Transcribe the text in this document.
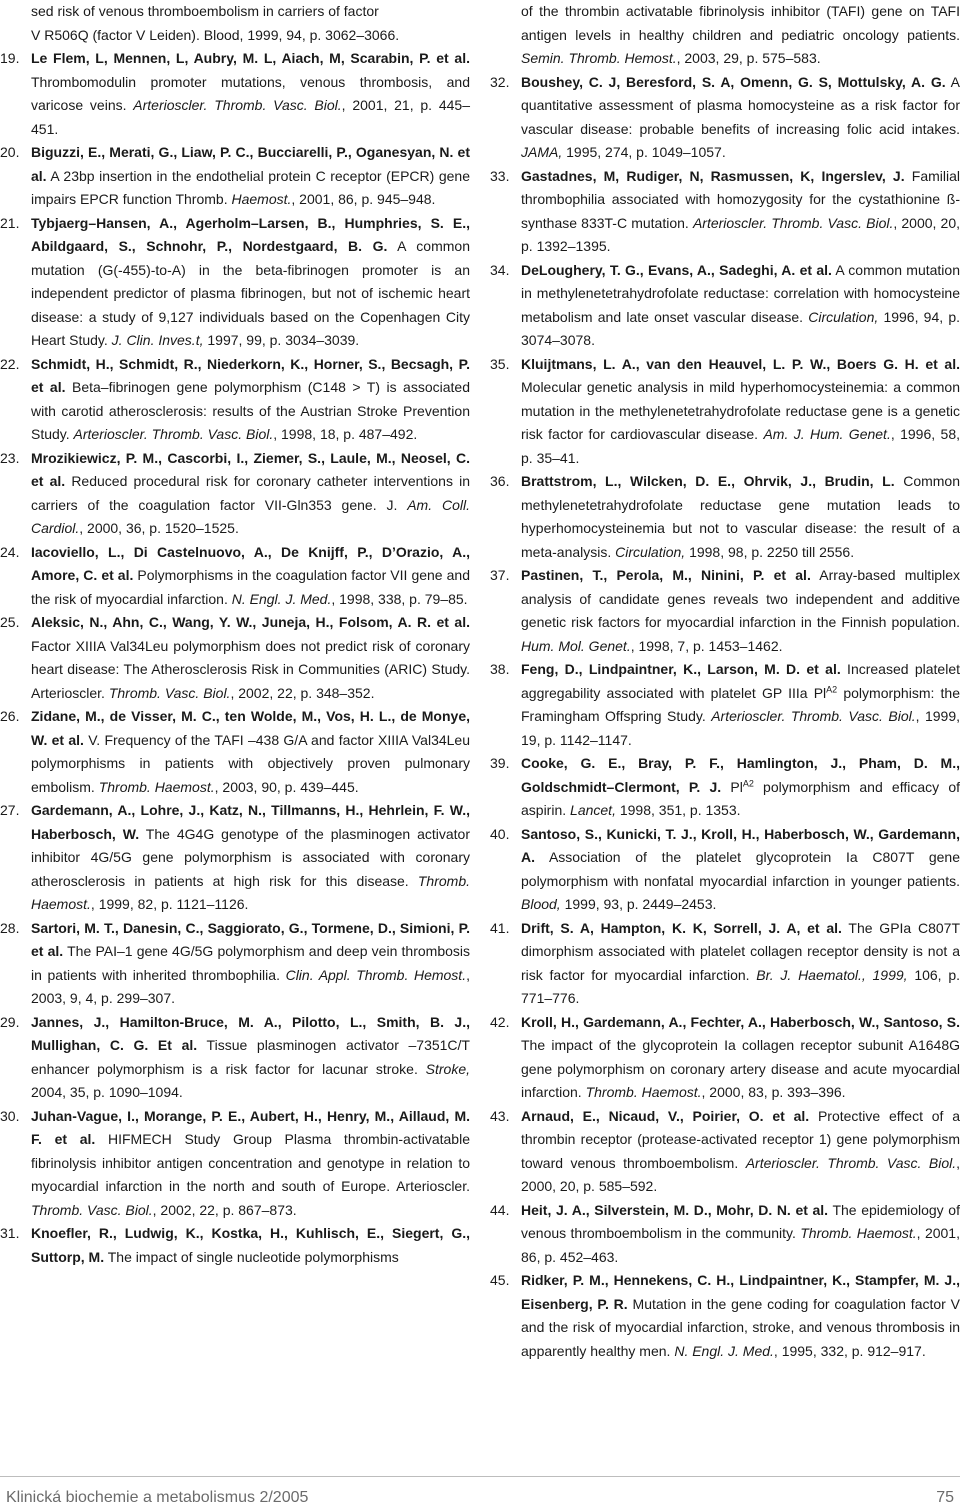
sed risk of venous thromboembolism in carriers of factor
V R506Q (factor V Leiden). Blood, 1999, 94, p. 3062–3066.
19. Le Flem, L, Mennen, L, Aubry, M. L, Aiach, M, Scarabin, P. et al. Thrombomodulin promoter mutations, venous thrombosis, and varicose veins. Arterioscler. Thromb. Vasc. Biol., 2001, 21, p. 445–451.
20. Biguzzi, E., Merati, G., Liaw, P. C., Bucciarelli, P., Oganesyan, N. et al. A 23bp insertion in the endothelial protein C receptor (EPCR) gene impairs EPCR function Thromb. Haemost., 2001, 86, p. 945–948.
21. Tybjaerg–Hansen, A., Agerholm–Larsen, B., Humphries, S. E., Abildgaard, S., Schnohr, P., Nordestgaard, B. G. A common mutation (G(-455)-to-A) in the beta-fibrinogen promoter is an independent predictor of plasma fibrinogen, but not of ischemic heart disease: a study of 9,127 individuals based on the Copenhagen City Heart Study. J. Clin. Inves.t, 1997, 99, p. 3034–3039.
22. Schmidt, H., Schmidt, R., Niederkorn, K., Horner, S., Becsagh, P. et al. Beta–fibrinogen gene polymorphism (C148 > T) is associated with carotid atherosclerosis: results of the Austrian Stroke Prevention Study. Arterioscler. Thromb. Vasc. Biol., 1998, 18, p. 487–492.
23. Mrozikiewicz, P. M., Cascorbi, I., Ziemer, S., Laule, M., Neosel, C. et al. Reduced procedural risk for coronary catheter interventions in carriers of the coagulation factor VII-Gln353 gene. J. Am. Coll. Cardiol., 2000, 36, p. 1520–1525.
24. Iacoviello, L., Di Castelnuovo, A., De Knijff, P., D’Orazio, A., Amore, C. et al. Polymorphisms in the coagulation factor VII gene and the risk of myocardial infarction. N. Engl. J. Med., 1998, 338, p. 79–85.
25. Aleksic, N., Ahn, C., Wang, Y. W., Juneja, H., Folsom, A. R. et al. Factor XIIIA Val34Leu polymorphism does not predict risk of coronary heart disease: The Atherosclerosis Risk in Communities (ARIC) Study. Arterioscler. Thromb. Vasc. Biol., 2002, 22, p. 348–352.
26. Zidane, M., de Visser, M. C., ten Wolde, M., Vos, H. L., de Monye, W. et al. V. Frequency of the TAFI –438 G/A and factor XIIIA Val34Leu polymorphisms in patients with objectively proven pulmonary embolism. Thromb. Haemost., 2003, 90, p. 439–445.
27. Gardemann, A., Lohre, J., Katz, N., Tillmanns, H., Hehrlein, F. W., Haberbosch, W. The 4G4G genotype of the plasminogen activator inhibitor 4G/5G gene polymorphism is associated with coronary atherosclerosis in patients at high risk for this disease. Thromb. Haemost., 1999, 82, p. 1121–1126.
28. Sartori, M. T., Danesin, C., Saggiorato, G., Tormene, D., Simioni, P. et al. The PAI–1 gene 4G/5G polymorphism and deep vein thrombosis in patients with inherited thrombophilia. Clin. Appl. Thromb. Hemost., 2003, 9, 4, p. 299–307.
29. Jannes, J., Hamilton-Bruce, M. A., Pilotto, L., Smith, B. J., Mullighan, C. G. Et al. Tissue plasminogen activator –7351C/T enhancer polymorphism is a risk factor for lacunar stroke. Stroke, 2004, 35, p. 1090–1094.
30. Juhan-Vague, I., Morange, P. E., Aubert, H., Henry, M., Aillaud, M. F. et al. HIFMECH Study Group Plasma thrombin-activatable fibrinolysis inhibitor antigen concentration and genotype in relation to myocardial infarction in the north and south of Europe. Arterioscler. Thromb. Vasc. Biol., 2002, 22, p. 867–873.
31. Knoefler, R., Ludwig, K., Kostka, H., Kuhlisch, E., Siegert, G., Suttorp, M. The impact of single nucleotide polymorphisms
of the thrombin activatable fibrinolysis inhibitor (TAFI) gene on TAFI antigen levels in healthy children and pediatric oncology patients. Semin. Thromb. Hemost., 2003, 29, p. 575–583.
32. Boushey, C. J, Beresford, S. A, Omenn, G. S, Mottulsky, A. G. A quantitative assessment of plasma homocysteine as a risk factor for vascular disease: probable benefits of increasing folic acid intakes. JAMA, 1995, 274, p. 1049–1057.
33. Gastadnes, M, Rudiger, N, Rasmussen, K, Ingerslev, J. Familial thrombophilia associated with homozygosity for the cystathionine ß-synthase 833T-C mutation. Arterioscler. Thromb. Vasc. Biol., 2000, 20, p. 1392–1395.
34. DeLoughery, T. G., Evans, A., Sadeghi, A. et al. A common mutation in methylenetetrahydrofolate reductase: correlation with homocysteine metabolism and late onset vascular disease. Circulation, 1996, 94, p. 3074–3078.
35. Kluijtmans, L. A., van den Heauvel, L. P. W., Boers G. H. et al. Molecular genetic analysis in mild hyperhomocysteinemia: a common mutation in the methylenetetrahydrofolate reductase gene is a genetic risk factor for cardiovascular disease. Am. J. Hum. Genet., 1996, 58, p. 35–41.
36. Brattstrom, L., Wilcken, D. E., Ohrvik, J., Brudin, L. Common methylenetetrahydrofolate reductase gene mutation leads to hyperhomocysteinemia but not to vascular disease: the result of a meta-analysis. Circulation, 1998, 98, p. 2250 till 2556.
37. Pastinen, T., Perola, M., Ninini, P. et al. Array-based multiplex analysis of candidate genes reveals two independent and additive genetic risk factors for myocardial infarction in the Finnish population. Hum. Mol. Genet., 1998, 7, p. 1453–1462.
38. Feng, D., Lindpaintner, K., Larson, M. D. et al. Increased platelet aggregability associated with platelet GP IIIa $Pl^{A2}$ polymorphism: the Framingham Offspring Study. Arterioscler. Thromb. Vasc. Biol., 1999, 19, p. 1142–1147.
39. Cooke, G. E., Bray, P. F., Hamlington, J., Pham, D. M., Goldschmidt–Clermont, P. J. $Pl^{A2}$ polymorphism and efficacy of aspirin. Lancet, 1998, 351, p. 1353.
40. Santoso, S., Kunicki, T. J., Kroll, H., Haberbosch, W., Gardemann, A. Association of the platelet glycoprotein Ia C807T gene polymorphism with nonfatal myocardial infarction in younger patients. Blood, 1999, 93, p. 2449–2453.
41. Drift, S. A, Hampton, K. K, Sorrell, J. A, et al. The GPIa C807T dimorphism associated with platelet collagen receptor density is not a risk factor for myocardial infarction. Br. J. Haematol., 1999, 106, p. 771–776.
42. Kroll, H., Gardemann, A., Fechter, A., Haberbosch, W., Santoso, S. The impact of the glycoprotein Ia collagen receptor subunit A1648G gene polymorphism on coronary artery disease and acute myocardial infarction. Thromb. Haemost., 2000, 83, p. 393–396.
43. Arnaud, E., Nicaud, V., Poirier, O. et al. Protective effect of a thrombin receptor (protease-activated receptor 1) gene polymorphism toward venous thromboembolism. Arterioscler. Thromb. Vasc. Biol., 2000, 20, p. 585–592.
44. Heit, J. A., Silverstein, M. D., Mohr, D. N. et al. The epidemiology of venous thromboembolism in the community. Thromb. Haemost., 2001, 86, p. 452–463.
45. Ridker, P. M., Hennekens, C. H., Lindpaintner, K., Stampfer, M. J., Eisenberg, P. R. Mutation in the gene coding for coagulation factor V and the risk of myocardial infarction, stroke, and venous thrombosis in apparently healthy men. N. Engl. J. Med., 1995, 332, p. 912–917.
Klinická biochemie a metabolismus 2/2005	75
